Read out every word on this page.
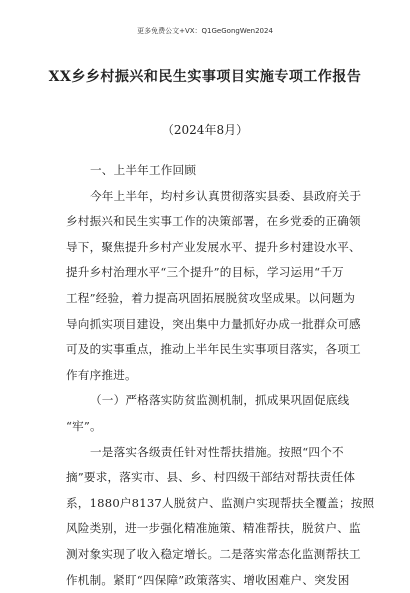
更多免费公文+VX：Q1GeGongWen2024
XX乡乡村振兴和民生实事项目实施专项工作报告
（2024年8月）

一、上半年工作回顾

今年上半年，均村乡认真贯彻落实县委、县政府关于

乡村振兴和民生实事工作的决策部署，在乡党委的正确领

导下，聚焦提升乡村产业发展水平、提升乡村建设水平、

提升乡村治理水平“三个提升”的目标，学习运用“千万

工程”经验，着力提高巩固拓展脱贫攻坚成果。以问题为

导向抓实项目建设，突出集中力量抓好办成一批群众可感

可及的实事重点，推动上半年民生实事项目落实，各项工

作有序推进。

（一）严格落实防贫监测机制，抓成果巩固促底线

“牢”。

一是落实各级责任针对性帮扶措施。按照“四个不

摘”要求，落实市、县、乡、村四级干部结对帮扶责任体

系，1880户8137人脱贫户、监测户实现帮扶全覆盖；按照

风险类别，进一步强化精准施策、精准帮扶，脱贫户、监

测对象实现了收入稳定增长。二是落实常态化监测帮扶工

作机制。紧盯“四保障”政策落实、增收困难户、突发困
